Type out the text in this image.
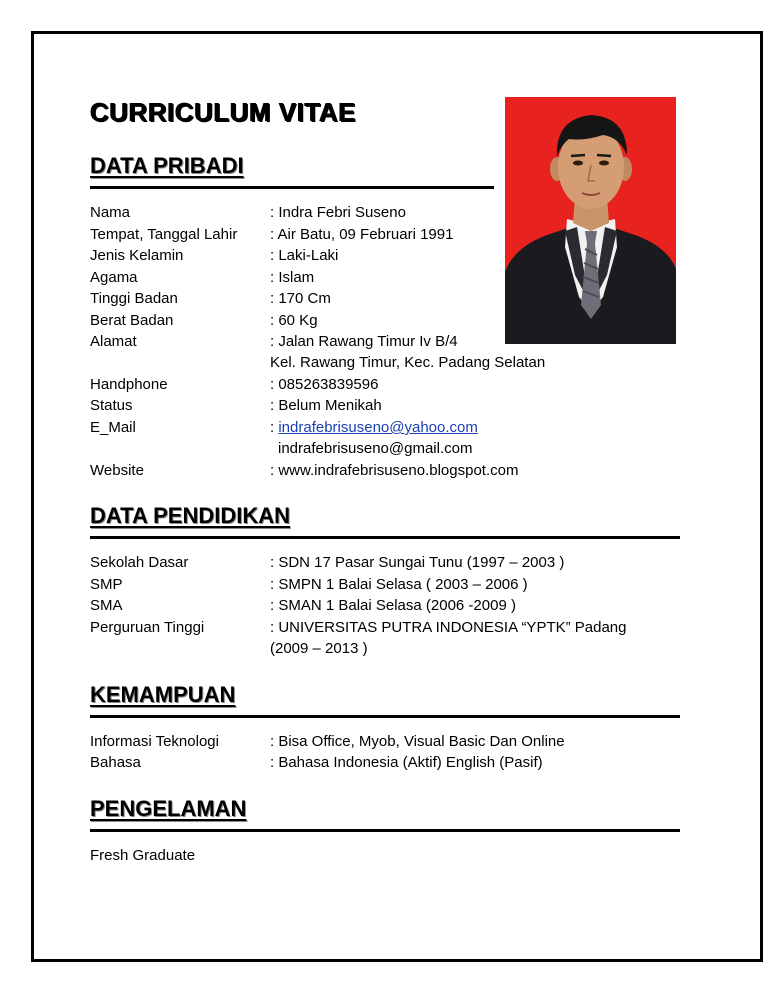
CURRICULUM VITAE
DATA PRIBADI
Nama	: Indra Febri Suseno
Tempat, Tanggal Lahir : Air Batu, 09 Februari 1991
Jenis Kelamin	: Laki-Laki
Agama	: Islam
Tinggi Badan	: 170 Cm
Berat Badan	: 60 Kg
Alamat	: Jalan Rawang Timur Iv B/4
Kel. Rawang Timur, Kec. Padang Selatan
Handphone	: 085263839596
Status	: Belum Menikah
E_Mail	: indrafebrisuseno@yahoo.com
indrafebrisuseno@gmail.com
Website	: www.indrafebrisuseno.blogspot.com
DATA PENDIDIKAN
Sekolah Dasar	: SDN 17 Pasar Sungai Tunu (1997 – 2003 )
SMP	: SMPN 1 Balai Selasa ( 2003 – 2006 )
SMA	: SMAN 1 Balai Selasa (2006 -2009 )
Perguruan Tinggi	: UNIVERSITAS PUTRA INDONESIA “YPTK” Padang
(2009 – 2013 )
KEMAMPUAN
Informasi Teknologi	: Bisa Office, Myob, Visual Basic Dan Online
Bahasa	: Bahasa Indonesia (Aktif) English (Pasif)
PENGELAMAN
Fresh Graduate
